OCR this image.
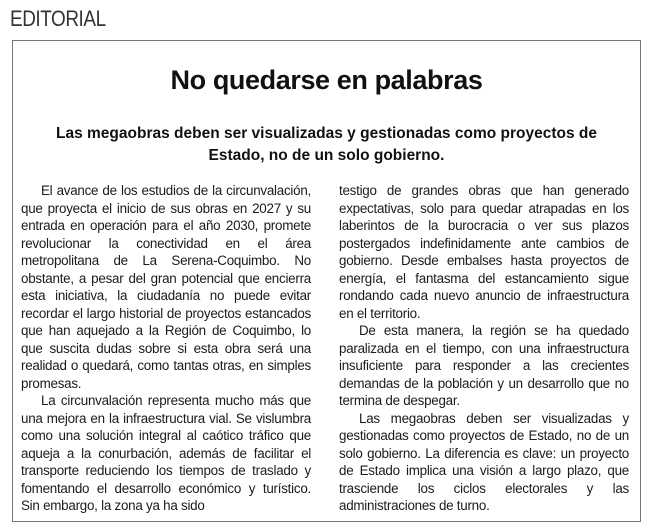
EDITORIAL
No quedarse en palabras
Las megaobras deben ser visualizadas y gestionadas como proyectos de Estado, no de un solo gobierno.

El avance de los estudios de la circunvalación, que proyecta el inicio de sus obras en 2027 y su entrada en operación para el año 2030, promete revolucionar la conectividad en el área metropolitana de La Serena-Coquimbo. No obstante, a pesar del gran potencial que encierra esta iniciativa, la ciudadanía no puede evitar recordar el largo historial de proyectos estancados que han aquejado a la Región de Coquimbo, lo que suscita dudas sobre si esta obra será una realidad o quedará, como tantas otras, en simples promesas.

La circunvalación representa mucho más que una mejora en la infraestructura vial. Se vislumbra como una solución integral al caótico tráfico que aqueja a la conurbación, además de facilitar el transporte reduciendo los tiempos de traslado y fomentando el desarrollo económico y turístico. Sin embargo, la zona ya ha sido

testigo de grandes obras que han generado expectativas, solo para quedar atrapadas en los laberintos de la burocracia o ver sus plazos postergados indefinidamente ante cambios de gobierno. Desde embalses hasta proyectos de energía, el fantasma del estancamiento sigue rondando cada nuevo anuncio de infraestructura en el territorio.

De esta manera, la región se ha quedado paralizada en el tiempo, con una infraestructura insuficiente para responder a las crecientes demandas de la población y un desarrollo que no termina de despegar.

Las megaobras deben ser visualizadas y gestionadas como proyectos de Estado, no de un solo gobierno. La diferencia es clave: un proyecto de Estado implica una visión a largo plazo, que trasciende los ciclos electorales y las administraciones de turno.
